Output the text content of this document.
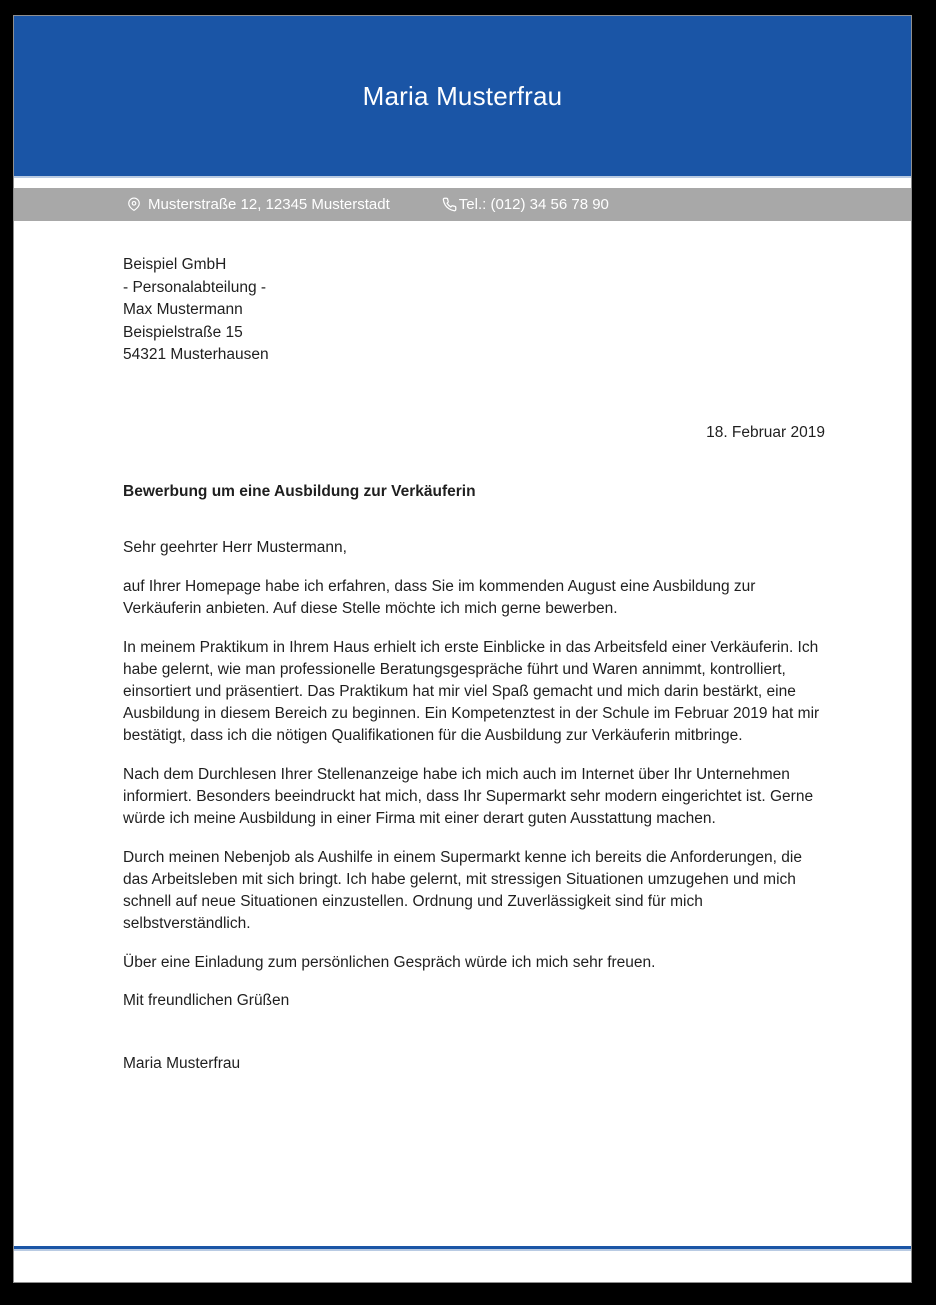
Maria Musterfrau
Musterstraße 12, 12345 Musterstadt	Tel.: (012) 34 56 78 90
Beispiel GmbH
- Personalabteilung -
Max Mustermann
Beispielstraße 15
54321 Musterhausen
18. Februar 2019
Bewerbung um eine Ausbildung zur Verkäuferin
Sehr geehrter Herr Mustermann,

auf Ihrer Homepage habe ich erfahren, dass Sie im kommenden August eine Ausbildung zur Verkäuferin anbieten. Auf diese Stelle möchte ich mich gerne bewerben.

In meinem Praktikum in Ihrem Haus erhielt ich erste Einblicke in das Arbeitsfeld einer Verkäuferin. Ich habe gelernt, wie man professionelle Beratungsgespräche führt und Waren annimmt, kontrolliert, einsortiert und präsentiert. Das Praktikum hat mir viel Spaß gemacht und mich darin bestärkt, eine Ausbildung in diesem Bereich zu beginnen. Ein Kompetenztest in der Schule im Februar 2019 hat mir bestätigt, dass ich die nötigen Qualifikationen für die Ausbildung zur Verkäuferin mitbringe.

Nach dem Durchlesen Ihrer Stellenanzeige habe ich mich auch im Internet über Ihr Unternehmen informiert. Besonders beeindruckt hat mich, dass Ihr Supermarkt sehr modern eingerichtet ist. Gerne würde ich meine Ausbildung in einer Firma mit einer derart guten Ausstattung machen.

Durch meinen Nebenjob als Aushilfe in einem Supermarkt kenne ich bereits die Anforderungen, die das Arbeitsleben mit sich bringt. Ich habe gelernt, mit stressigen Situationen umzugehen und mich schnell auf neue Situationen einzustellen. Ordnung und Zuverlässigkeit sind für mich selbstverständlich.

Über eine Einladung zum persönlichen Gespräch würde ich mich sehr freuen.

Mit freundlichen Grüßen
Maria Musterfrau
